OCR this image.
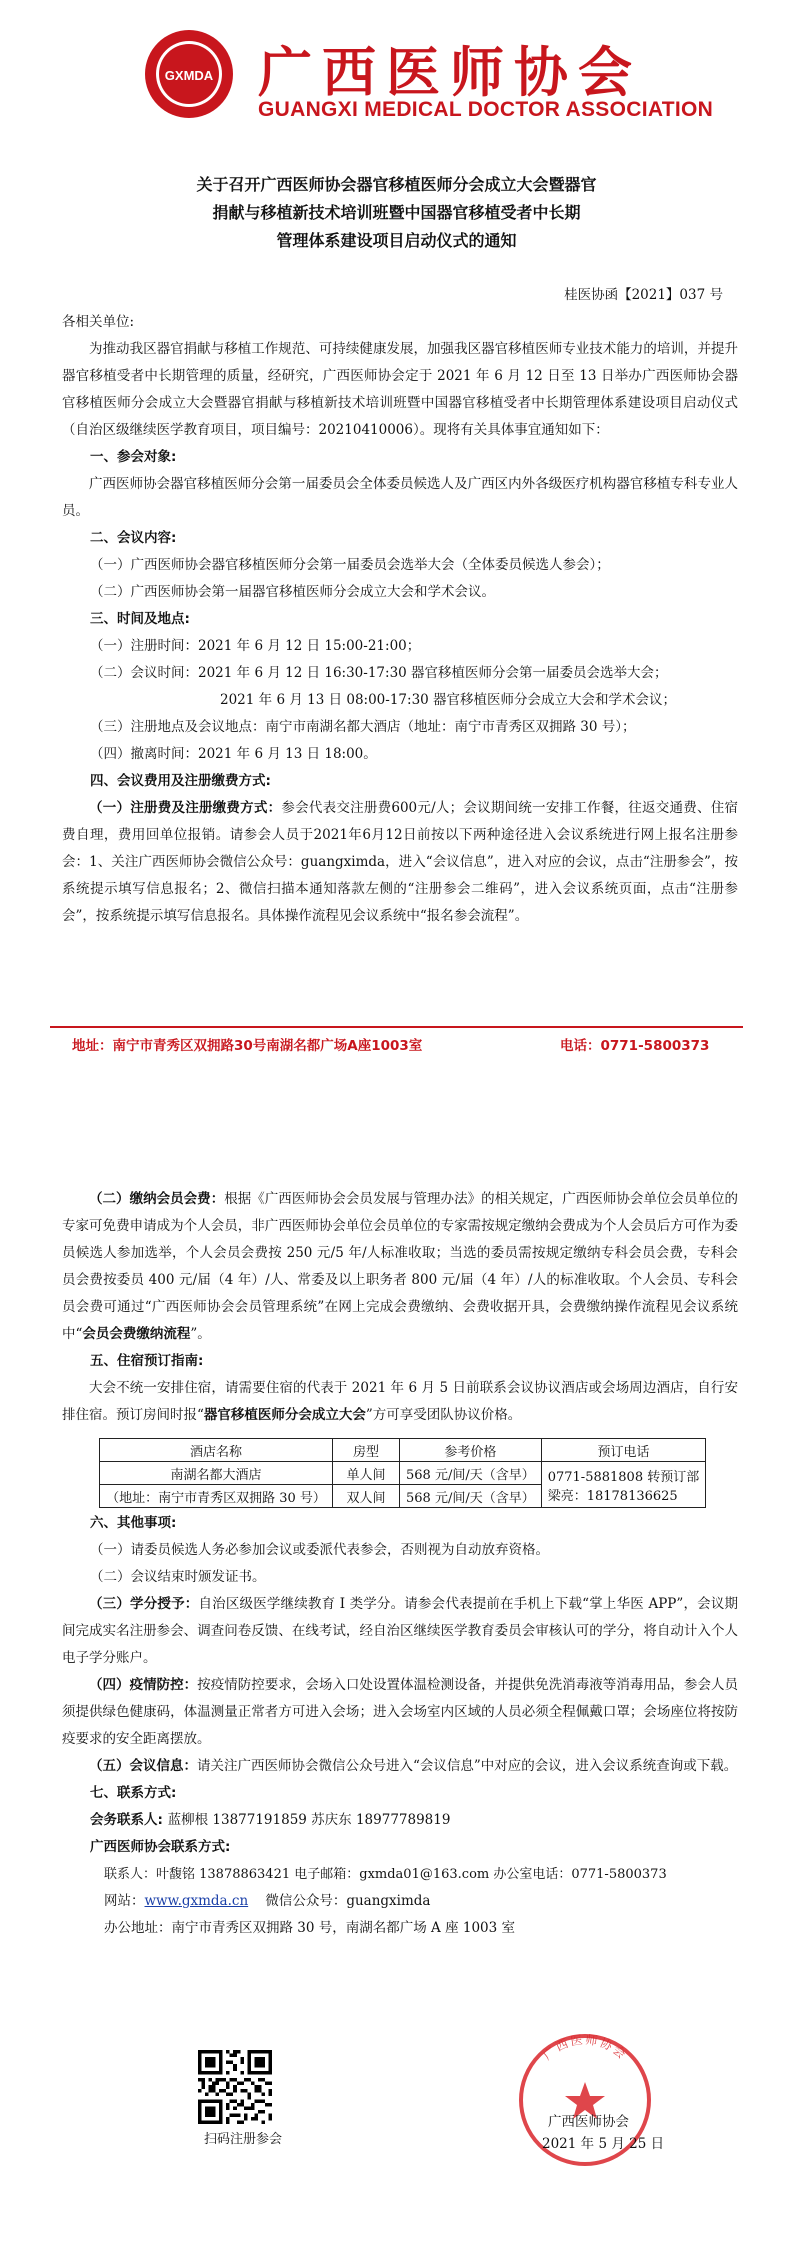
GXMDA 广西医师协会
GUANGXI MEDICAL DOCTOR ASSOCIATION
关于召开广西医师协会器官移植医师分会成立大会暨器官
捐献与移植新技术培训班暨中国器官移植受者中长期
管理体系建设项目启动仪式的通知
桂医协函【2021】037 号

各相关单位:

为推动我区器官捐献与移植工作规范、可持续健康发展，加强我区器官移植医师专业技术能力的培训，并提升器官移植受者中长期管理的质量，经研究，广西医师协会定于 2021 年 6 月 12 日至 13 日举办广西医师协会器官移植医师分会成立大会暨器官捐献与移植新技术培训班暨中国器官移植受者中长期管理体系建设项目启动仪式（自治区级继续医学教育项目，项目编号：20210410006）。现将有关具体事宜通知如下：

一、参会对象:

广西医师协会器官移植医师分会第一届委员会全体委员候选人及广西区内外各级医疗机构器官移植专科专业人员。

二、会议内容:

（一）广西医师协会器官移植医师分会第一届委员会选举大会（全体委员候选人参会）；

（二）广西医师协会第一届器官移植医师分会成立大会和学术会议。

三、时间及地点:

（一）注册时间：2021 年 6 月 12 日 15:00-21:00；

（二）会议时间：2021 年 6 月 12 日 16:30-17:30 器官移植医师分会第一届委员会选举大会；

2021 年 6 月 13 日 08:00-17:30 器官移植医师分会成立大会和学术会议；

（三）注册地点及会议地点：南宁市南湖名都大酒店（地址：南宁市青秀区双拥路 30 号）；

（四）撤离时间：2021 年 6 月 13 日 18:00。

四、会议费用及注册缴费方式:

（一）注册费及注册缴费方式：参会代表交注册费600元/人；会议期间统一安排工作餐，往返交通费、住宿费自理，费用回单位报销。请参会人员于2021年6月12日前按以下两种途径进入会议系统进行网上报名注册参会：1、关注广西医师协会微信公众号：guangximda，进入“会议信息”，进入对应的会议，点击“注册参会”，按系统提示填写信息报名；2、微信扫描本通知落款左侧的“注册参会二维码”，进入会议系统页面，点击“注册参会”，按系统提示填写信息报名。具体操作流程见会议系统中“报名参会流程”。

地址：南宁市青秀区双拥路30号南湖名都广场A座1003室	电话：0771-5800373

（二）缴纳会员会费：根据《广西医师协会会员发展与管理办法》的相关规定，广西医师协会单位会员单位的专家可免费申请成为个人会员，非广西医师协会单位会员单位的专家需按规定缴纳会费成为个人会员后方可作为委员候选人参加选举，个人会员会费按 250 元/5 年/人标准收取；当选的委员需按规定缴纳专科会员会费，专科会员会费按委员 400 元/届（4 年）/人、常委及以上职务者 800 元/届（4 年）/人的标准收取。个人会员、专科会员会费可通过“广西医师协会会员管理系统”在网上完成会费缴纳、会费收据开具，会费缴纳操作流程见会议系统中“会员会费缴纳流程”。

五、住宿预订指南:

大会不统一安排住宿，请需要住宿的代表于 2021 年 6 月 5 日前联系会议协议酒店或会场周边酒店，自行安排住宿。预订房间时报“器官移植医师分会成立大会”方可享受团队协议价格。

酒店名称	房型	参考价格	预订电话
南湖名都大酒店	单人间	568 元/间/天（含早）	0771-5881808 转预订部
梁亮：18178136625

（地址：南宁市青秀区双拥路 30 号）	双人间	568 元/间/天（含早）	

六、其他事项:

（一）请委员候选人务必参加会议或委派代表参会，否则视为自动放弃资格。

（二）会议结束时颁发证书。

（三）学分授予：自治区级医学继续教育 I 类学分。请参会代表提前在手机上下载“掌上华医 APP”，会议期间完成实名注册参会、调查问卷反馈、在线考试，经自治区继续医学教育委员会审核认可的学分，将自动计入个人电子学分账户。

（四）疫情防控：按疫情防控要求，会场入口处设置体温检测设备，并提供免洗消毒液等消毒用品，参会人员须提供绿色健康码，体温测量正常者方可进入会场；进入会场室内区域的人员必须全程佩戴口罩；会场座位将按防疫要求的安全距离摆放。

（五）会议信息：请关注广西医师协会微信公众号进入“会议信息”中对应的会议，进入会议系统查询或下载。

七、联系方式:

会务联系人: 蓝柳根 13877191859 苏庆东 18977789819

广西医师协会联系方式:

联系人：叶馥铭 13878863421 电子邮箱：gxmda01@163.com 办公室电话：0771-5800373

网站：www.gxmda.cn 微信公众号：guangximda

办公地址：南宁市青秀区双拥路 30 号，南湖名都广场 A 座 1003 室

扫码注册参会
广西医师协会
广西医师协会
2021 年 5 月 25 日
